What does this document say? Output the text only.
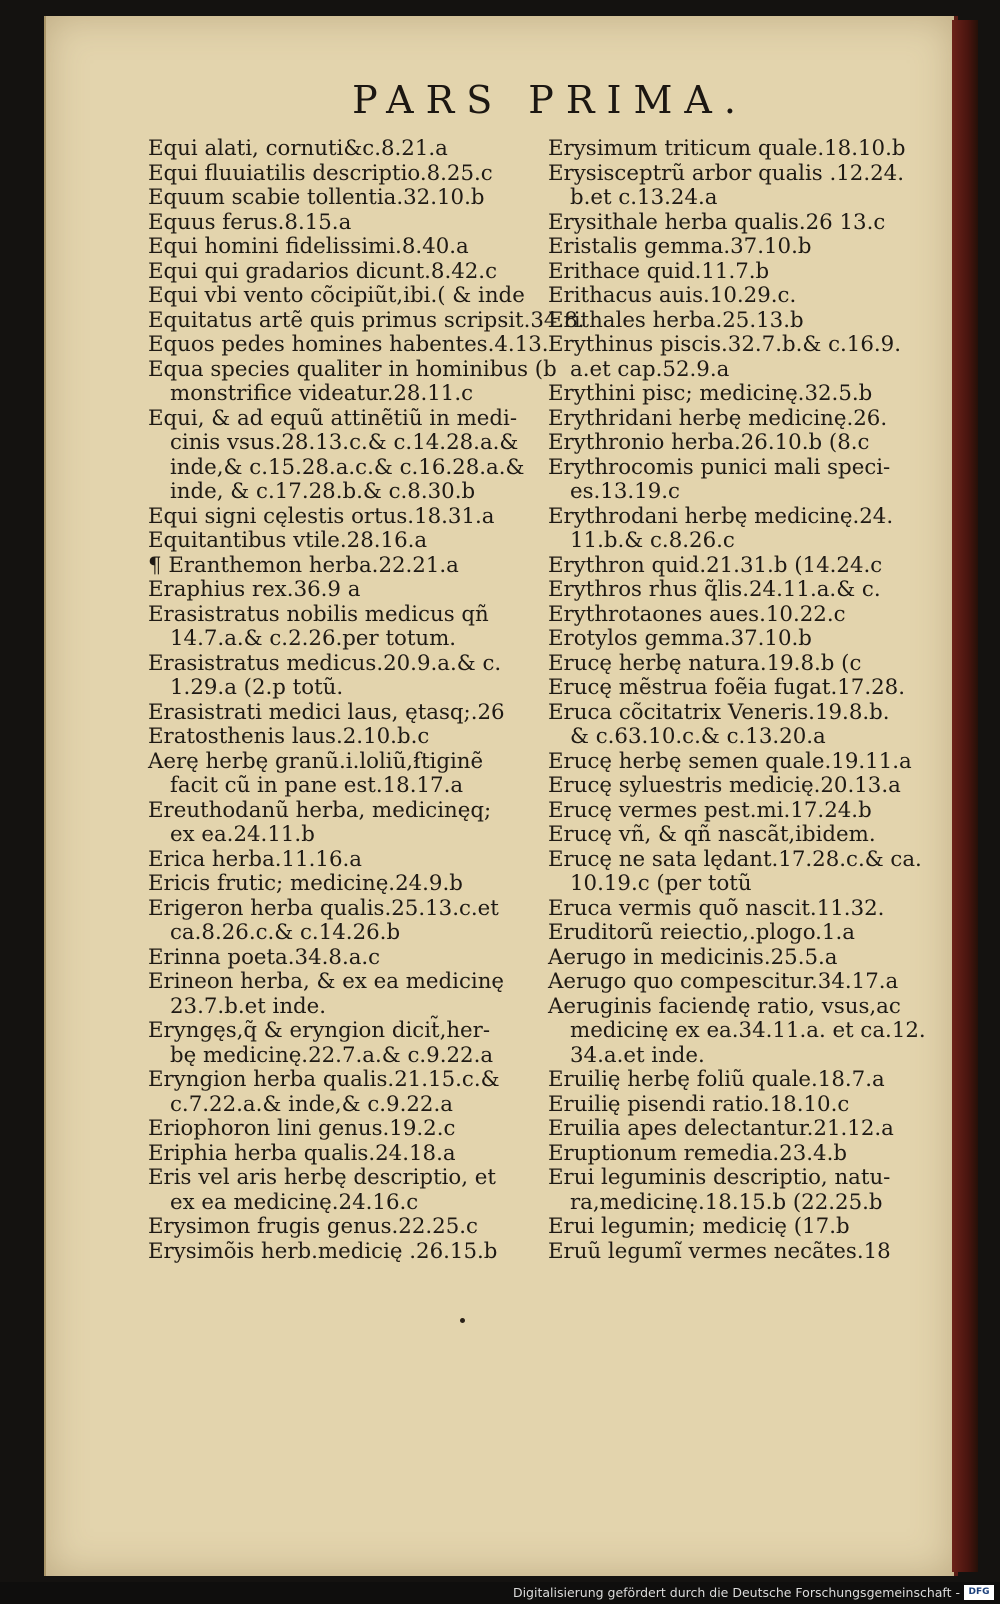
PARS PRIMA.
Equi alati, cornuti&c.8.21.a
Equi fluuiatilis descriptio.8.25.c
Equum scabie tollentia.32.10.b
Equus ferus.8.15.a
Equi homini fidelissimi.8.40.a
Equi qui gradarios dicunt.8.42.c
Equi vbi vento cõcipiũt,ibi.( & inde
Equitatus artẽ quis primus scripsit.34.8.
Equos pedes homines habentes.4.13.
Equa species qualiter in hominibus (b
monstrifice videatur.28.11.c
Equi, & ad equũ attinẽtiũ in medi-
cinis vsus.28.13.c.& c.14.28.a.&
inde,& c.15.28.a.c.& c.16.28.a.&
inde, & c.17.28.b.& c.8.30.b
Equi signi cęlestis ortus.18.31.a
Equitantibus vtile.28.16.a
¶ Eranthemon herba.22.21.a
Eraphius rex.36.9 a
Erasistratus nobilis medicus qñ
14.7.a.& c.2.26.per totum.
Erasistratus medicus.20.9.a.& c.
1.29.a (2.p totũ.
Erasistrati medici laus, ętasq;.26
Eratosthenis laus.2.10.b.c
Aerę herbę granũ.i.loliũ,ẜtiginẽ
facit cũ in pane est.18.17.a
Ereuthodanũ herba, medicinęq;
ex ea.24.11.b
Erica herba.11.16.a
Ericis frutic; medicinę.24.9.b
Erigeron herba qualis.25.13.c.et
ca.8.26.c.& c.14.26.b
Erinna poeta.34.8.a.c
Erineon herba, & ex ea medicinę
23.7.b.et inde.
Eryngęs,q̃ & eryngion dicit̃,her-
bę medicinę.22.7.a.& c.9.22.a
Eryngion herba qualis.21.15.c.&
c.7.22.a.& inde,& c.9.22.a
Eriophoron lini genus.19.2.c
Eriphia herba qualis.24.18.a
Eris vel aris herbę descriptio, et
ex ea medicinę.24.16.c
Erysimon frugis genus.22.25.c
Erysimõis herb.medicię .26.15.b
Erysimum triticum quale.18.10.b
Erysisceptrũ arbor qualis .12.24.
b.et c.13.24.a
Erysithale herba qualis.26 13.c
Eristalis gemma.37.10.b
Erithace quid.11.7.b
Erithacus auis.10.29.c.
Erithales herba.25.13.b
Erythinus piscis.32.7.b.& c.16.9.
a.et cap.52.9.a
Erythini pisc; medicinę.32.5.b
Erythridani herbę medicinę.26.
Erythronio herba.26.10.b (8.c
Erythrocomis punici mali speci-
es.13.19.c
Erythrodani herbę medicinę.24.
11.b.& c.8.26.c
Erythron quid.21.31.b (14.24.c
Erythros rhus q̃lis.24.11.a.& c.
Erythrotaones aues.10.22.c
Erotylos gemma.37.10.b
Erucę herbę natura.19.8.b (c
Erucę mẽstrua foẽia fugat.17.28.
Eruca cõcitatrix Veneris.19.8.b.
& c.63.10.c.& c.13.20.a
Erucę herbę semen quale.19.11.a
Erucę syluestris medicię.20.13.a
Erucę vermes pest.mi.17.24.b
Erucę vñ, & qñ nascãt,ibidem.
Erucę ne sata lędant.17.28.c.& ca.
10.19.c (per totũ
Eruca vermis quõ nascit.11.32.
Eruditorũ reiectio,.plogo.1.a
Aerugo in medicinis.25.5.a
Aerugo quo compescitur.34.17.a
Aeruginis faciendę ratio, vsus,ac
medicinę ex ea.34.11.a. et ca.12.
34.a.et inde.
Eruilię herbę foliũ quale.18.7.a
Eruilię pisendi ratio.18.10.c
Eruilia apes delectantur.21.12.a
Eruptionum remedia.23.4.b
Erui leguminis descriptio, natu-
ra,medicinę.18.15.b (22.25.b
Erui legumin; medicię (17.b
Eruũ legumĩ vermes necãtes.18
Digitalisierung gefördert durch die Deutsche Forschungsgemeinschaft - DFG
